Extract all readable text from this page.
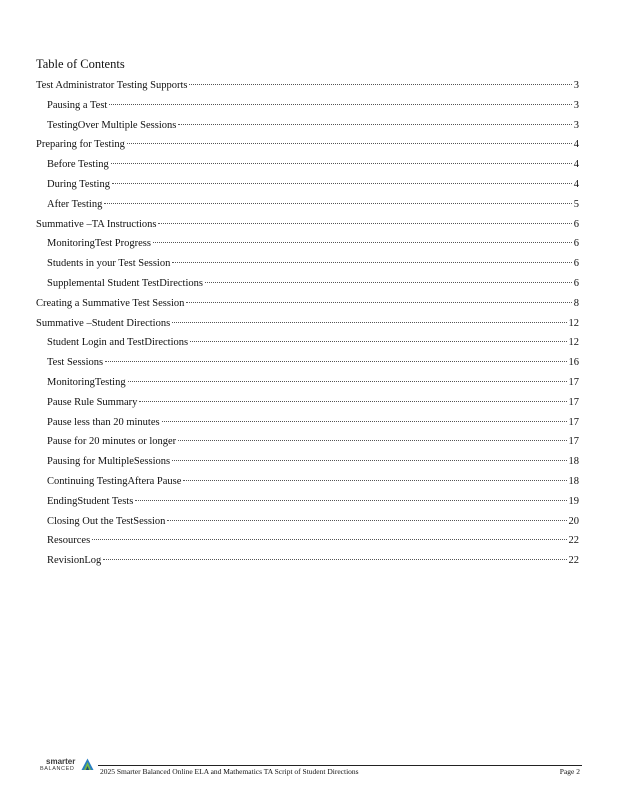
Table of Contents
Test Administrator Testing Supports	3
Pausing a Test	3
TestingOver Multiple Sessions	3
Preparing for Testing	4
Before Testing	4
During Testing	4
After Testing	5
Summative –TA Instructions	6
MonitoringTest Progress	6
Students in your Test Session	6
Supplemental Student TestDirections	6
Creating a Summative Test Session	8
Summative –Student Directions	12
Student Login and TestDirections	12
Test Sessions	16
MonitoringTesting	17
Pause Rule Summary	17
Pause less than 20 minutes	17
Pause for 20 minutes or longer	17
Pausing for MultipleSessions	18
Continuing TestingAftera Pause	18
EndingStudent Tests	19
Closing Out the TestSession	20
Resources	22
RevisionLog	22
smarter
BALANCED	2025 Smarter Balanced Online ELA and Mathematics TA Script of Student Directions	Page 2
